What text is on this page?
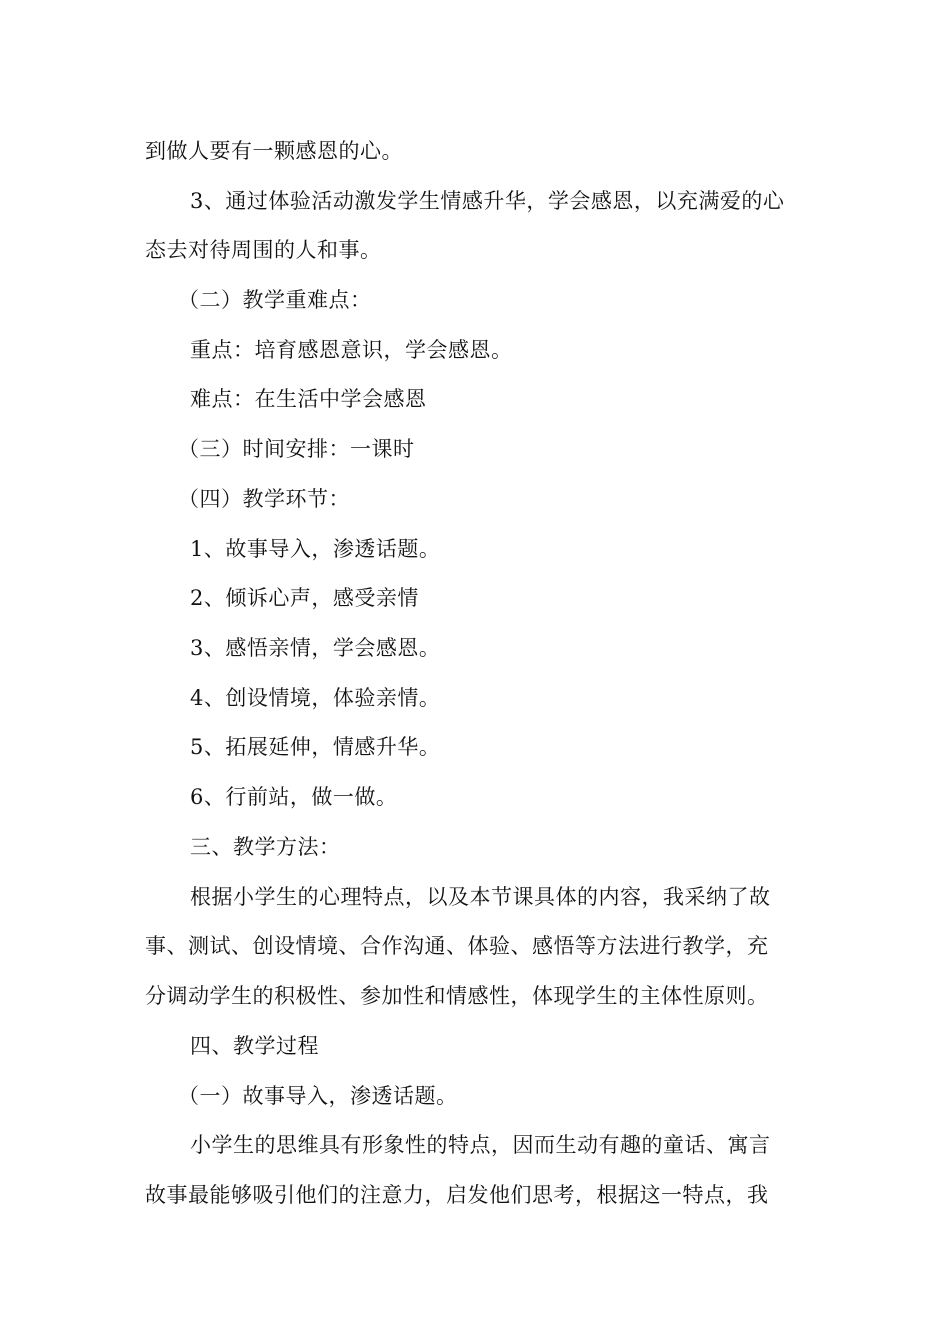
到做人要有一颗感恩的心。
3、通过体验活动激发学生情感升华，学会感恩，以充满爱的心
态去对待周围的人和事。
（二）教学重难点：
重点：培育感恩意识，学会感恩。
难点：在生活中学会感恩
（三）时间安排：一课时
（四）教学环节：
1、故事导入，渗透话题。
2、倾诉心声，感受亲情
3、感悟亲情，学会感恩。
4、创设情境，体验亲情。
5、拓展延伸，情感升华。
6、行前站，做一做。
三、教学方法：
根据小学生的心理特点，以及本节课具体的内容，我采纳了故
事、测试、创设情境、合作沟通、体验、感悟等方法进行教学，充
分调动学生的积极性、参加性和情感性，体现学生的主体性原则。
四、教学过程
（一）故事导入，渗透话题。
小学生的思维具有形象性的特点，因而生动有趣的童话、寓言
故事最能够吸引他们的注意力，启发他们思考，根据这一特点，我
